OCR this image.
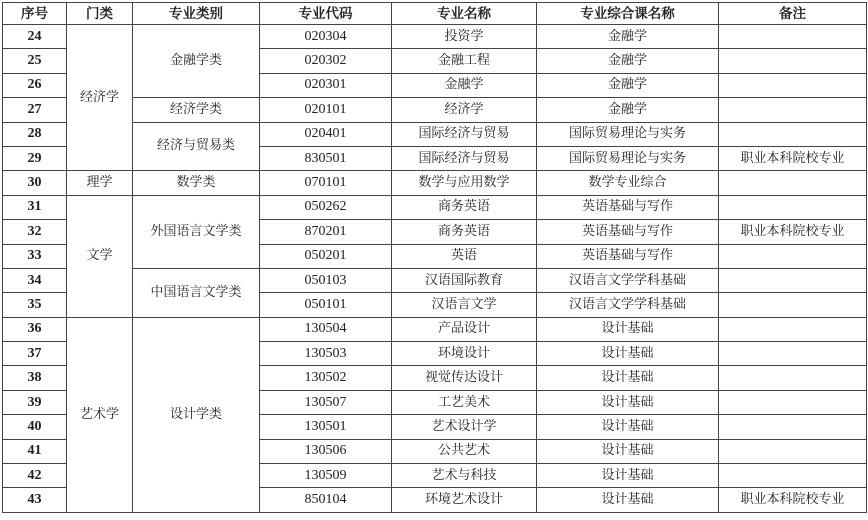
序号	门类	专业类别	专业代码	专业名称	专业综合课名称	备注
24	经济学	金融学类	020304	投资学	金融学	
25			020302	金融工程	金融学	
26			020301	金融学	金融学	
27		经济学类	020101	经济学	金融学	
28		经济与贸易类	020401	国际经济与贸易	国际贸易理论与实务	
29			830501	国际经济与贸易	国际贸易理论与实务	职业本科院校专业
30	理学	数学类	070101	数学与应用数学	数学专业综合	
31	文学	外国语言文学类	050262	商务英语	英语基础与写作	
32			870201	商务英语	英语基础与写作	职业本科院校专业
33			050201	英语	英语基础与写作	
34		中国语言文学类	050103	汉语国际教育	汉语言文学学科基础	
35			050101	汉语言文学	汉语言文学学科基础	
36	艺术学	设计学类	130504	产品设计	设计基础	
37			130503	环境设计	设计基础	
38			130502	视觉传达设计	设计基础	
39			130507	工艺美术	设计基础	
40			130501	艺术设计学	设计基础	
41			130506	公共艺术	设计基础	
42			130509	艺术与科技	设计基础	
43			850104	环境艺术设计	设计基础	职业本科院校专业
